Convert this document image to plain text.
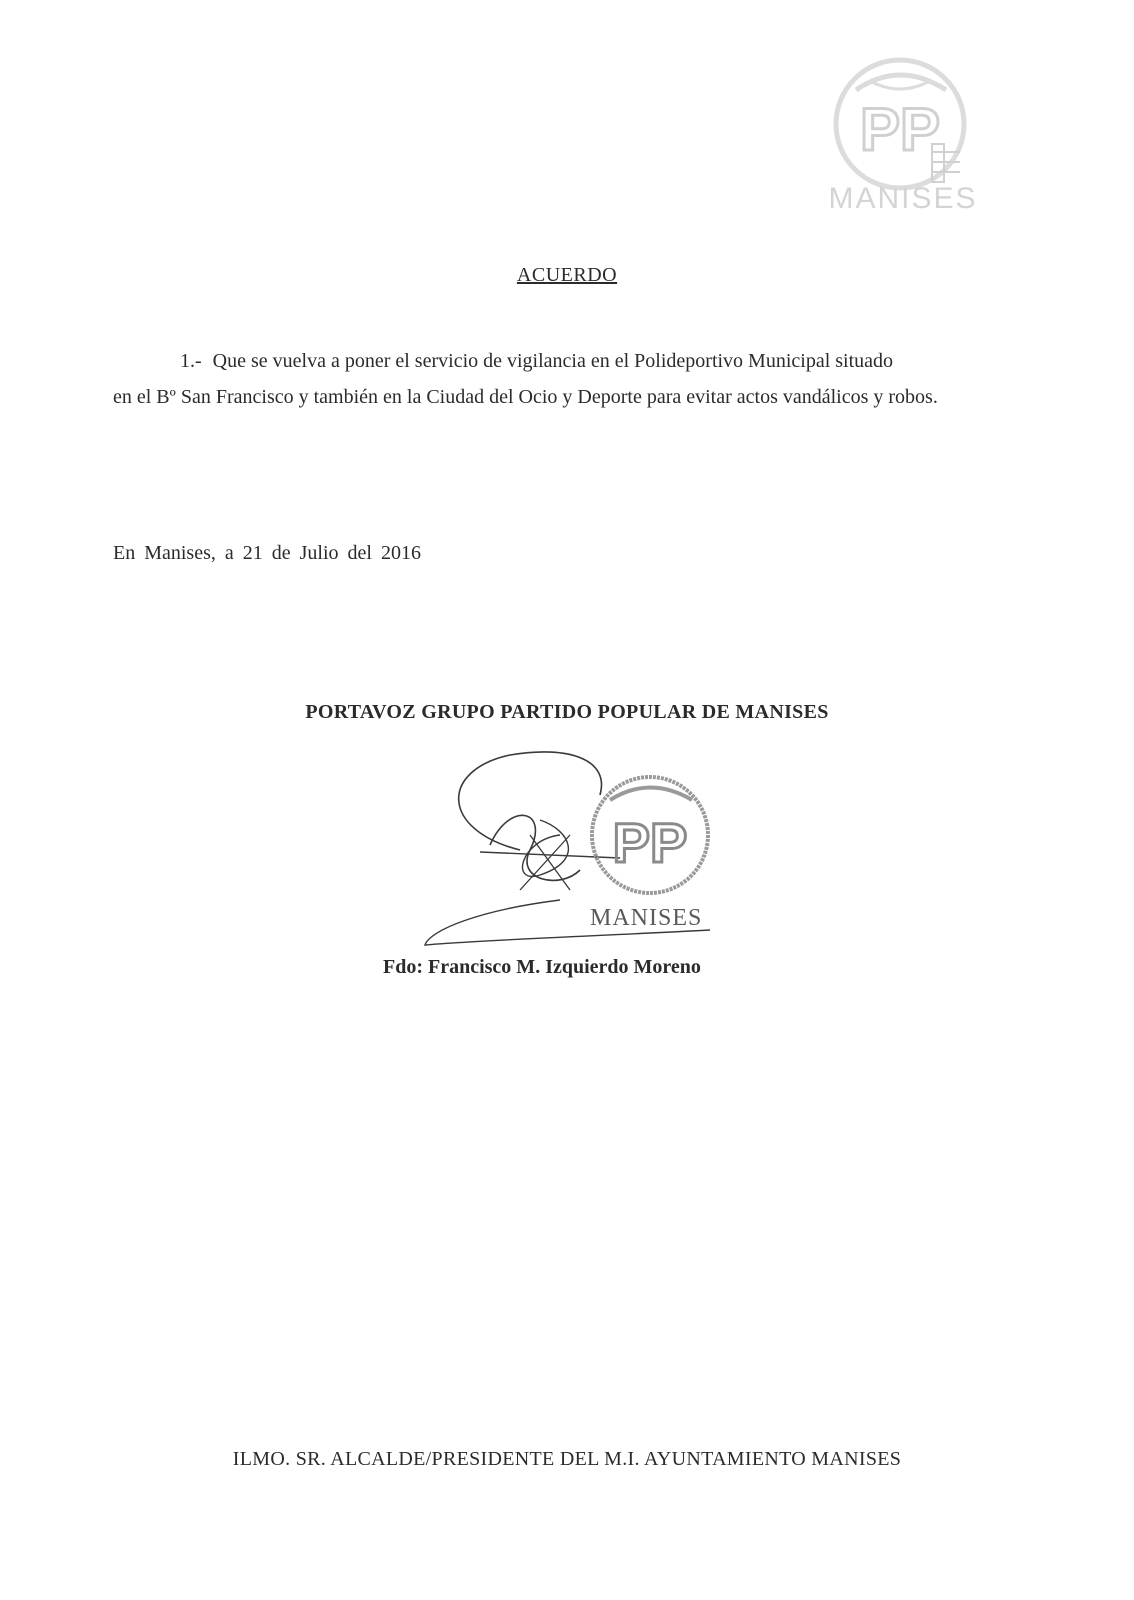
PP
MANISES
ACUERDO
1.- Que se vuelva a poner el servicio de vigilancia en el Polideportivo Municipal situado
en el Bº San Francisco y también en la Ciudad del Ocio y Deporte para evitar actos vandálicos y robos.
En Manises, a 21 de Julio del 2016
PORTAVOZ GRUPO PARTIDO POPULAR DE MANISES
PP
MANISES
Fdo: Francisco M. Izquierdo Moreno
ILMO. SR. ALCALDE/PRESIDENTE DEL M.I. AYUNTAMIENTO MANISES
